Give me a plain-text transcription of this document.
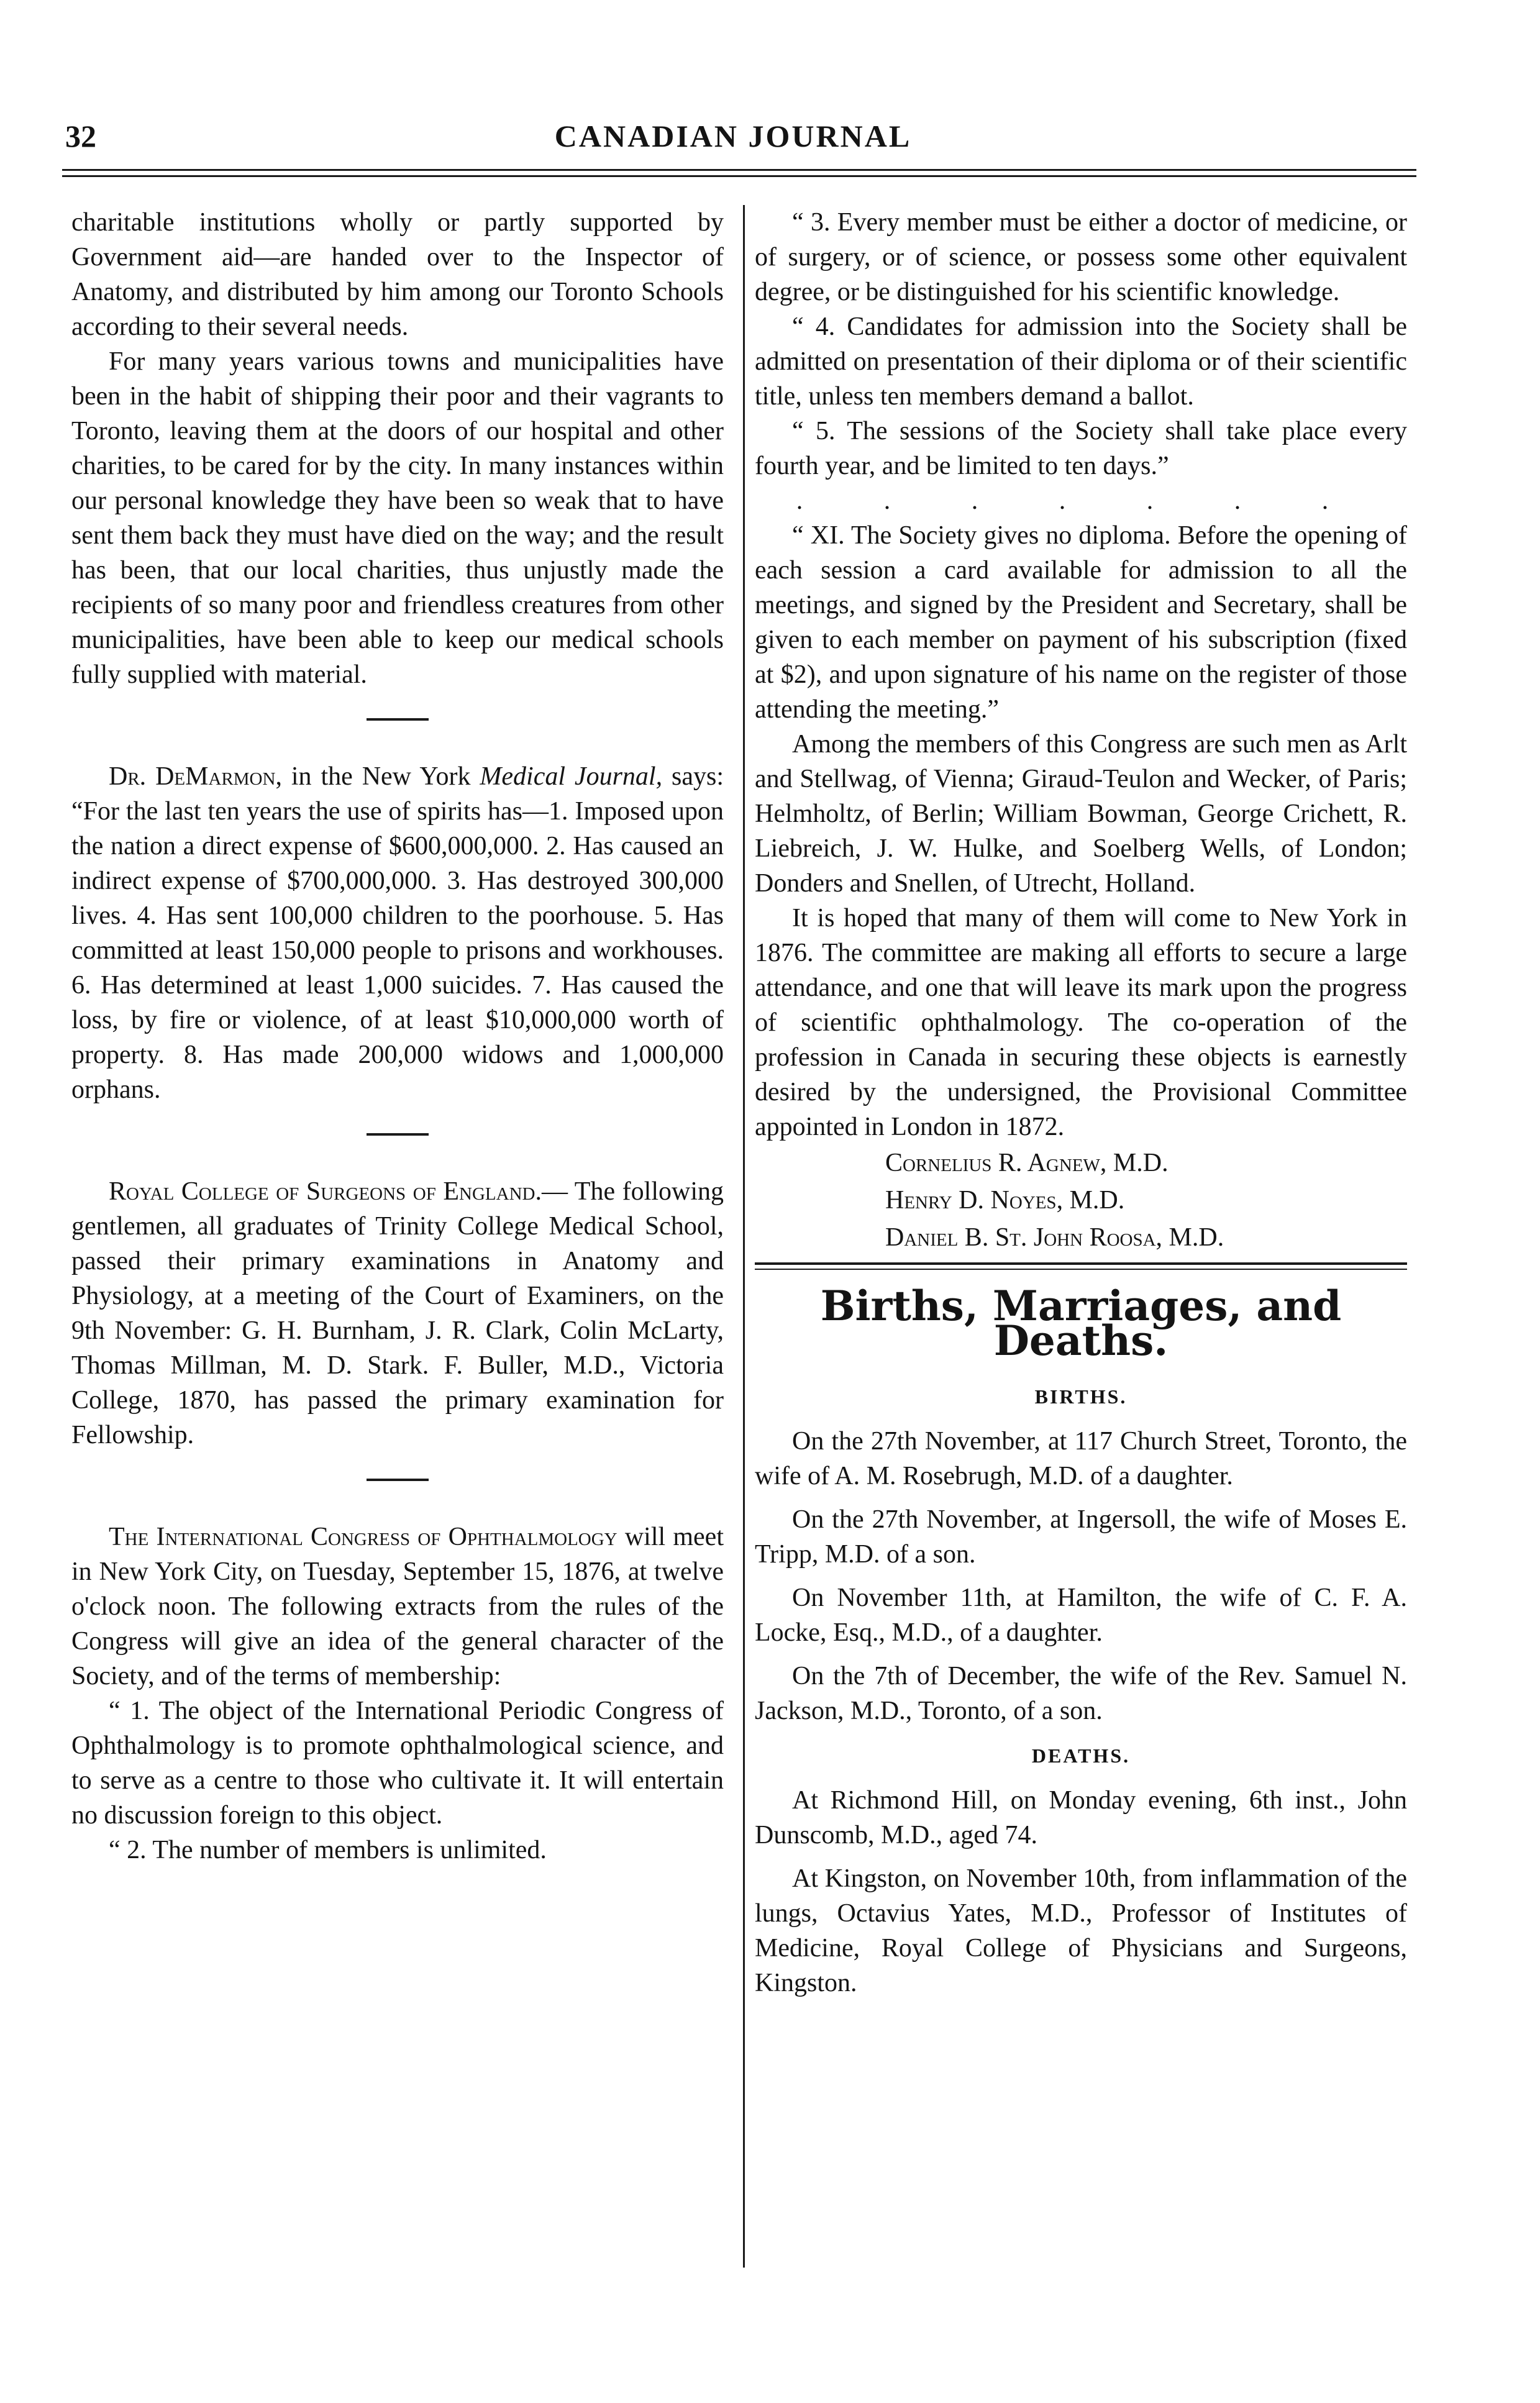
32	CANADIAN JOURNAL

charitable institutions wholly or partly supported by Government aid—are handed over to the Inspector of Anatomy, and distributed by him among our Toronto Schools according to their several needs.

For many years various towns and municipalities have been in the habit of shipping their poor and their vagrants to Toronto, leaving them at the doors of our hospital and other charities, to be cared for by the city. In many instances within our personal knowledge they have been so weak that to have sent them back they must have died on the way; and the result has been, that our local charities, thus unjustly made the recipients of so many poor and friendless creatures from other municipalities, have been able to keep our medical schools fully supplied with material.

Dr. DeMarmon, in the New York Medical Journal, says: “For the last ten years the use of spirits has—1. Imposed upon the nation a direct expense of $600,000,000. 2. Has caused an indirect expense of $700,000,000. 3. Has destroyed 300,000 lives. 4. Has sent 100,000 children to the poorhouse. 5. Has committed at least 150,000 people to prisons and workhouses. 6. Has determined at least 1,000 suicides. 7. Has caused the loss, by fire or violence, of at least $10,000,000 worth of property. 8. Has made 200,000 widows and 1,000,000 orphans.

Royal College of Surgeons of England.— The following gentlemen, all graduates of Trinity College Medical School, passed their primary examinations in Anatomy and Physiology, at a meeting of the Court of Examiners, on the 9th November: G. H. Burnham, J. R. Clark, Colin McLarty, Thomas Millman, M. D. Stark. F. Buller, M.D., Victoria College, 1870, has passed the primary examination for Fellowship.

The International Congress of Ophthalmology will meet in New York City, on Tuesday, September 15, 1876, at twelve o'clock noon. The following extracts from the rules of the Congress will give an idea of the general character of the Society, and of the terms of membership:

“ 1. The object of the International Periodic Congress of Ophthalmology is to promote ophthalmological science, and to serve as a centre to those who cultivate it. It will entertain no discussion foreign to this object.

“ 2. The number of members is unlimited.

“ 3. Every member must be either a doctor of medicine, or of surgery, or of science, or possess some other equivalent degree, or be distinguished for his scientific knowledge.

“ 4. Candidates for admission into the Society shall be admitted on presentation of their diploma or of their scientific title, unless ten members demand a ballot.

“ 5. The sessions of the Society shall take place every fourth year, and be limited to ten days.”

. . . . . . .

“ XI. The Society gives no diploma. Before the opening of each session a card available for admission to all the meetings, and signed by the President and Secretary, shall be given to each member on payment of his subscription (fixed at $2), and upon signature of his name on the register of those attending the meeting.”

Among the members of this Congress are such men as Arlt and Stellwag, of Vienna; Giraud-Teulon and Wecker, of Paris; Helmholtz, of Berlin; William Bowman, George Crichett, R. Liebreich, J. W. Hulke, and Soelberg Wells, of London; Donders and Snellen, of Utrecht, Holland.

It is hoped that many of them will come to New York in 1876. The committee are making all efforts to secure a large attendance, and one that will leave its mark upon the progress of scientific ophthalmology. The co-operation of the profession in Canada in securing these objects is earnestly desired by the undersigned, the Provisional Committee appointed in London in 1872.

Cornelius R. Agnew, M.D.
Henry D. Noyes, M.D.
Daniel B. St. John Roosa, M.D.
Births, Marriages, and Deaths.
BIRTHS.

On the 27th November, at 117 Church Street, Toronto, the wife of A. M. Rosebrugh, M.D. of a daughter.

On the 27th November, at Ingersoll, the wife of Moses E. Tripp, M.D. of a son.

On November 11th, at Hamilton, the wife of C. F. A. Locke, Esq., M.D., of a daughter.

On the 7th of December, the wife of the Rev. Samuel N. Jackson, M.D., Toronto, of a son.

DEATHS.

At Richmond Hill, on Monday evening, 6th inst., John Dunscomb, M.D., aged 74.

At Kingston, on November 10th, from inflammation of the lungs, Octavius Yates, M.D., Professor of Institutes of Medicine, Royal College of Physicians and Surgeons, Kingston.
